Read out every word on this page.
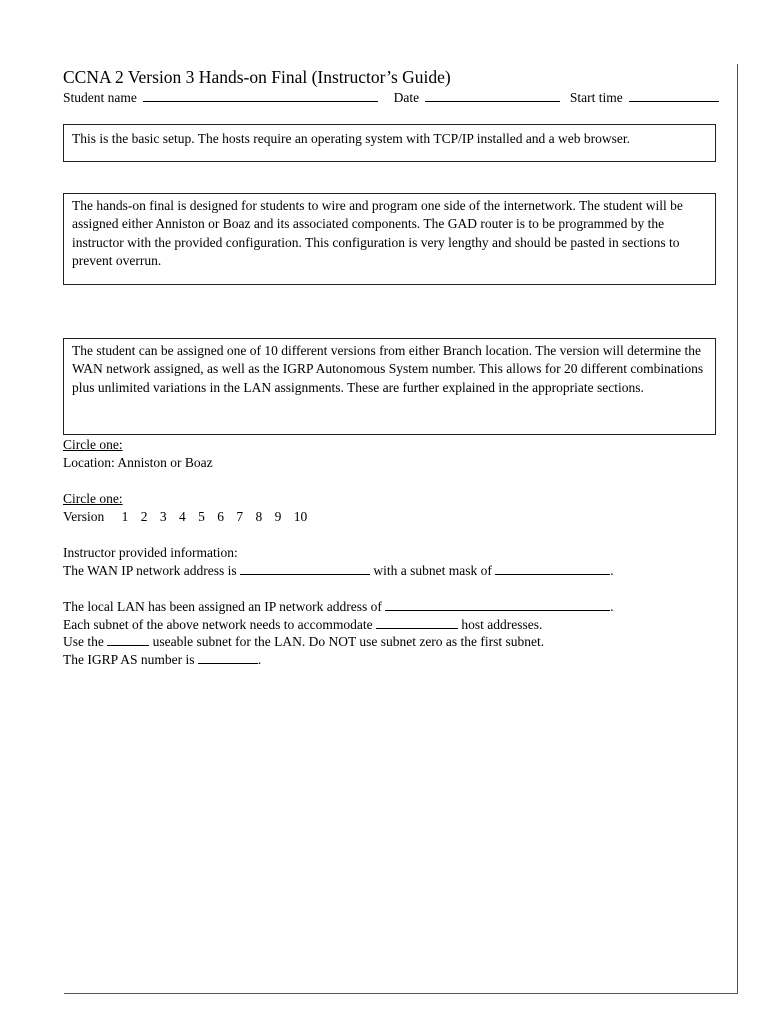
CCNA 2 Version 3 Hands-on Final (Instructor’s Guide)
Student name	Date	Start time

This is the basic setup. The hosts require an operating system with TCP/IP installed and a web browser.

The hands-on final is designed for students to wire and program one side of the internetwork. The student will be assigned either Anniston or Boaz and its associated components. The GAD router is to be programmed by the instructor with the provided configuration. This configuration is very lengthy and should be pasted in sections to prevent overrun.

The student can be assigned one of 10 different versions from either Branch location. The version will determine the WAN network assigned, as well as the IGRP Autonomous System number. This allows for 20 different combinations plus unlimited variations in the LAN assignments. These are further explained in the appropriate sections.

Circle one:
Location: Anniston or Boaz
Circle one:
Version 1 2 3 4 5 6 7 8 9 10
Instructor provided information:
The WAN IP network address is	with a subnet mask of	.
The local LAN has been assigned an IP network address of	.
Each subnet of the above network needs to accommodate	host addresses.
Use the	useable subnet for the LAN. Do NOT use subnet zero as the first subnet.
The IGRP AS number is	.
